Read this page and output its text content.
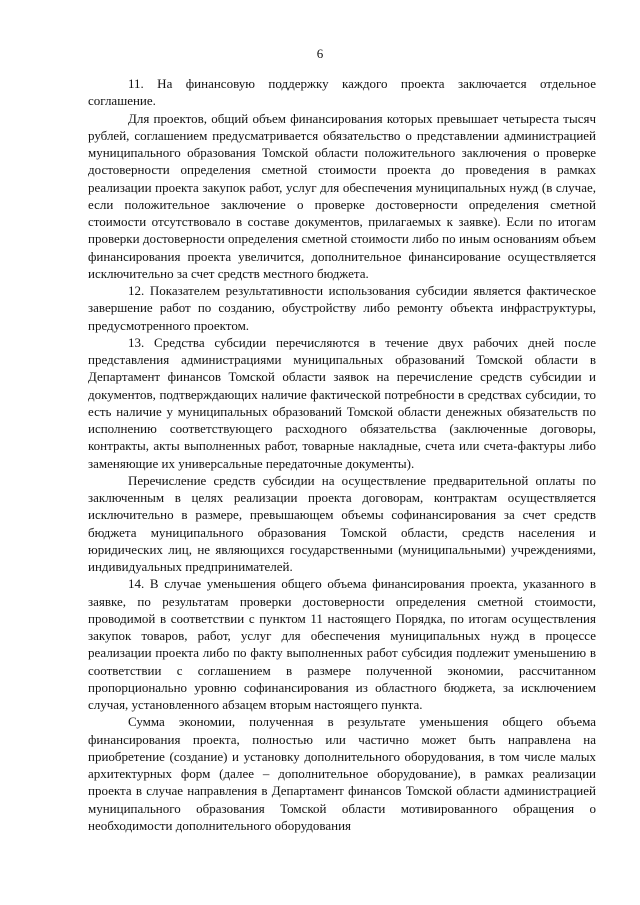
6

11. На финансовую поддержку каждого проекта заключается отдельное соглашение.

Для проектов, общий объем финансирования которых превышает четыреста тысяч рублей, соглашением предусматривается обязательство о представлении администрацией муниципального образования Томской области положительного заключения о проверке достоверности определения сметной стоимости проекта до проведения в рамках реализации проекта закупок работ, услуг для обеспечения муниципальных нужд (в случае, если положительное заключение о проверке достоверности определения сметной стоимости отсутствовало в составе документов, прилагаемых к заявке). Если по итогам проверки достоверности определения сметной стоимости либо по иным основаниям объем финансирования проекта увеличится, дополнительное финансирование осуществляется исключительно за счет средств местного бюджета.

12. Показателем результативности использования субсидии является фактическое завершение работ по созданию, обустройству либо ремонту объекта инфраструктуры, предусмотренного проектом.

13. Средства субсидии перечисляются в течение двух рабочих дней после представления администрациями муниципальных образований Томской области в Департамент финансов Томской области заявок на перечисление средств субсидии и документов, подтверждающих наличие фактической потребности в средствах субсидии, то есть наличие у муниципальных образований Томской области денежных обязательств по исполнению соответствующего расходного обязательства (заключенные договоры, контракты, акты выполненных работ, товарные накладные, счета или счета-фактуры либо заменяющие их универсальные передаточные документы).

Перечисление средств субсидии на осуществление предварительной оплаты по заключенным в целях реализации проекта договорам, контрактам осуществляется исключительно в размере, превышающем объемы софинансирования за счет средств бюджета муниципального образования Томской области, средств населения и юридических лиц, не являющихся государственными (муниципальными) учреждениями, индивидуальных предпринимателей.

14. В случае уменьшения общего объема финансирования проекта, указанного в заявке, по результатам проверки достоверности определения сметной стоимости, проводимой в соответствии с пунктом 11 настоящего Порядка, по итогам осуществления закупок товаров, работ, услуг для обеспечения муниципальных нужд в процессе реализации проекта либо по факту выполненных работ субсидия подлежит уменьшению в соответствии с соглашением в размере полученной экономии, рассчитанном пропорционально уровню софинансирования из областного бюджета, за исключением случая, установленного абзацем вторым настоящего пункта.

Сумма экономии, полученная в результате уменьшения общего объема финансирования проекта, полностью или частично может быть направлена на приобретение (создание) и установку дополнительного оборудования, в том числе малых архитектурных форм (далее – дополнительное оборудование), в рамках реализации проекта в случае направления в Департамент финансов Томской области администрацией муниципального образования Томской области мотивированного обращения о необходимости дополнительного оборудования
